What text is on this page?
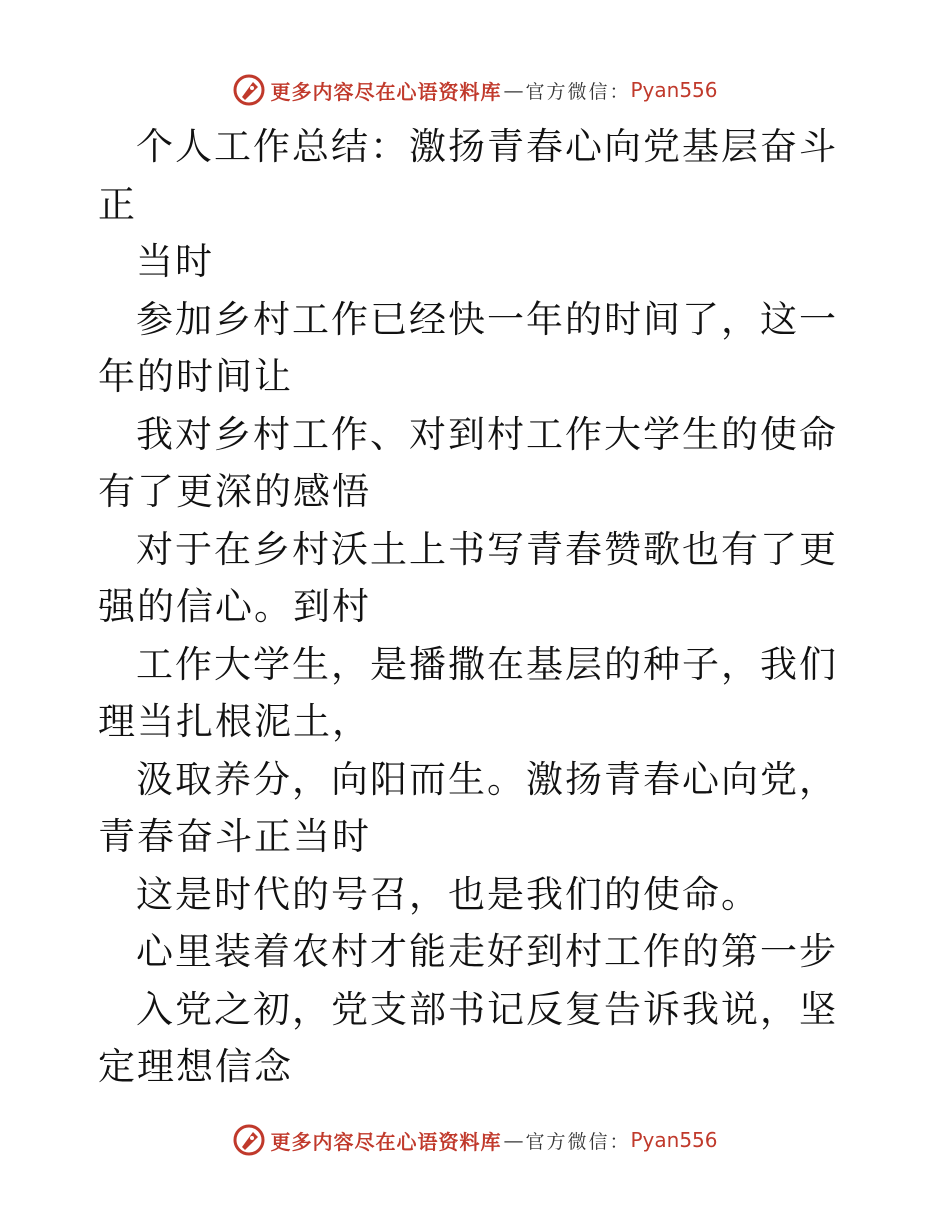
更多内容尽在心语资料库 — 官方微信： Pyan556

个人工作总结：激扬青春心向党基层奋斗正

当时

参加乡村工作已经快一年的时间了，这一年的时间让

我对乡村工作、对到村工作大学生的使命有了更深的感悟

对于在乡村沃土上书写青春赞歌也有了更强的信心。到村

工作大学生，是播撒在基层的种子，我们理当扎根泥土，

汲取养分，向阳而生。激扬青春心向党，青春奋斗正当时

这是时代的号召，也是我们的使命。

心里装着农村才能走好到村工作的第一步

入党之初，党支部书记反复告诉我说，坚定理想信念

更多内容尽在心语资料库 — 官方微信： Pyan556
